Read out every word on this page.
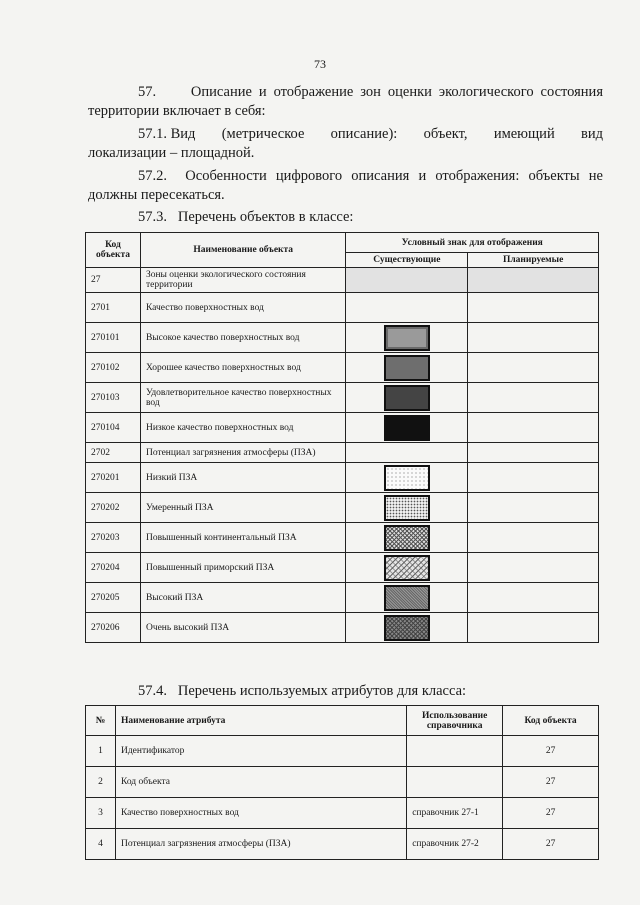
73
57.     Описание и отображение зон оценки экологического состояния
территории включает в себя:
57.1. Вид (метрическое описание): объект, имеющий вид
локализации – площадной.
57.2.  Особенности цифрового описания и отображения: объекты не
должны пересекаться.
57.3.   Перечень объектов в классе:
Код объекта	Наименование объекта	Условный знак для отображения	
		Существующие	Планируемые
27	Зоны оценки экологического состояния территории		
2701	Качество поверхностных вод		
270101	Высокое качество поверхностных вод		
270102	Хорошее качество поверхностных вод		
270103	Удовлетворительное качество поверхностных вод		
270104	Низкое качество поверхностных вод		
2702	Потенциал загрязнения атмосферы (ПЗА)		
270201	Низкий ПЗА		
270202	Умеренный ПЗА		
270203	Повышенный континентальный ПЗА		
270204	Повышенный приморский ПЗА		
270205	Высокий ПЗА		
270206	Очень высокий ПЗА		
57.4.   Перечень используемых атрибутов для класса:
№	Наименование атрибута	Использование справочника	Код объекта
1	Идентификатор		27
2	Код объекта		27
3	Качество поверхностных вод	справочник 27-1	27
4	Потенциал загрязнения атмосферы (ПЗА)	справочник 27-2	27
